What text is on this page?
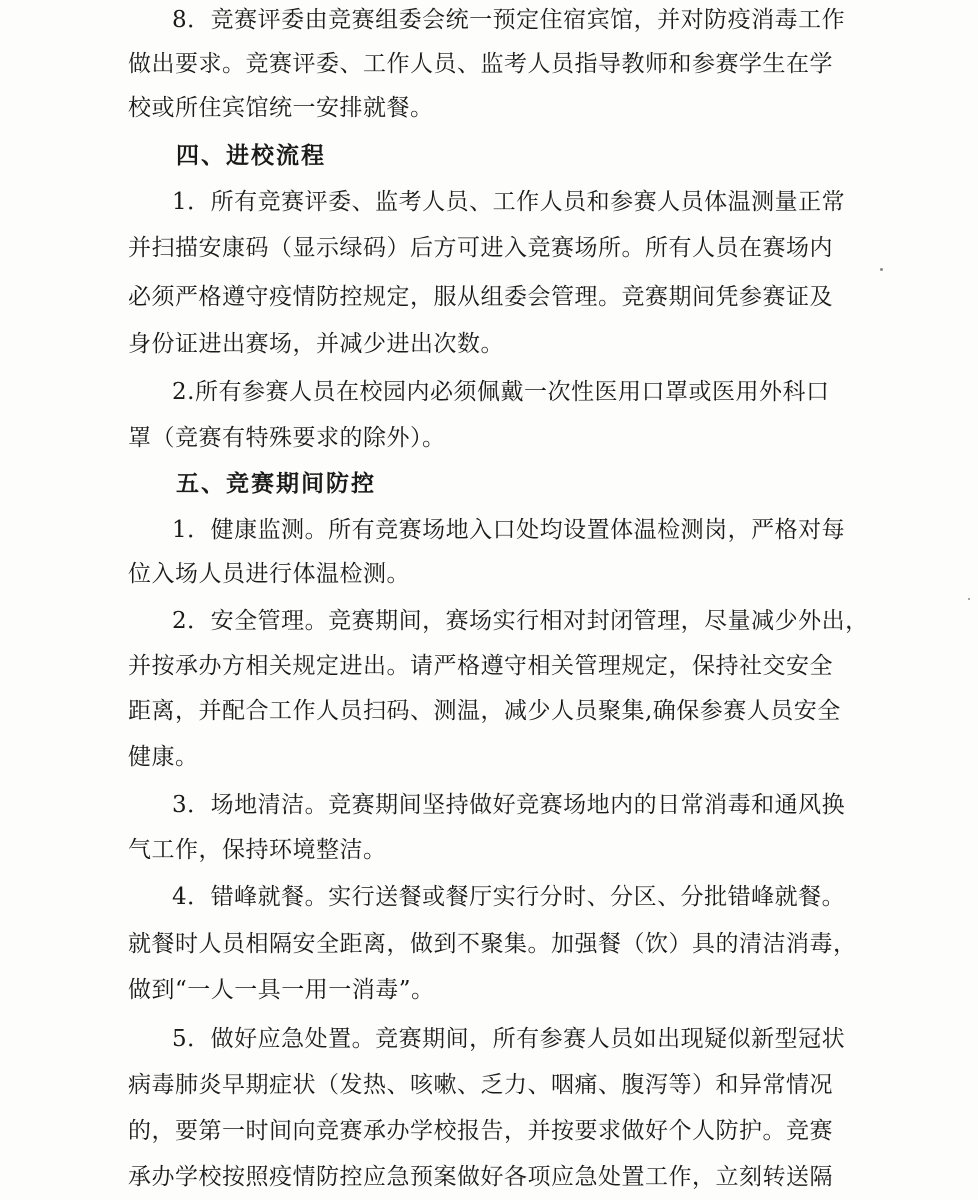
8．竞赛评委由竞赛组委会统一预定住宿宾馆，并对防疫消毒工作

做出要求。竞赛评委、工作人员、监考人员指导教师和参赛学生在学

校或所住宾馆统一安排就餐。

四、进校流程

1．所有竞赛评委、监考人员、工作人员和参赛人员体温测量正常

并扫描安康码（显示绿码）后方可进入竞赛场所。所有人员在赛场内

必须严格遵守疫情防控规定，服从组委会管理。竞赛期间凭参赛证及

身份证进出赛场，并减少进出次数。

2.所有参赛人员在校园内必须佩戴一次性医用口罩或医用外科口

罩（竞赛有特殊要求的除外）。

五、竞赛期间防控

1．健康监测。所有竞赛场地入口处均设置体温检测岗，严格对每

位入场人员进行体温检测。

2．安全管理。竞赛期间，赛场实行相对封闭管理，尽量减少外出，

并按承办方相关规定进出。请严格遵守相关管理规定，保持社交安全

距离，并配合工作人员扫码、测温，减少人员聚集,确保参赛人员安全

健康。

3．场地清洁。竞赛期间坚持做好竞赛场地内的日常消毒和通风换

气工作，保持环境整洁。

4．错峰就餐。实行送餐或餐厅实行分时、分区、分批错峰就餐。

就餐时人员相隔安全距离，做到不聚集。加强餐（饮）具的清洁消毒，

做到“一人一具一用一消毒”。

5．做好应急处置。竞赛期间，所有参赛人员如出现疑似新型冠状

病毒肺炎早期症状（发热、咳嗽、乏力、咽痛、腹泻等）和异常情况

的，要第一时间向竞赛承办学校报告，并按要求做好个人防护。竞赛

承办学校按照疫情防控应急预案做好各项应急处置工作，立刻转送隔
